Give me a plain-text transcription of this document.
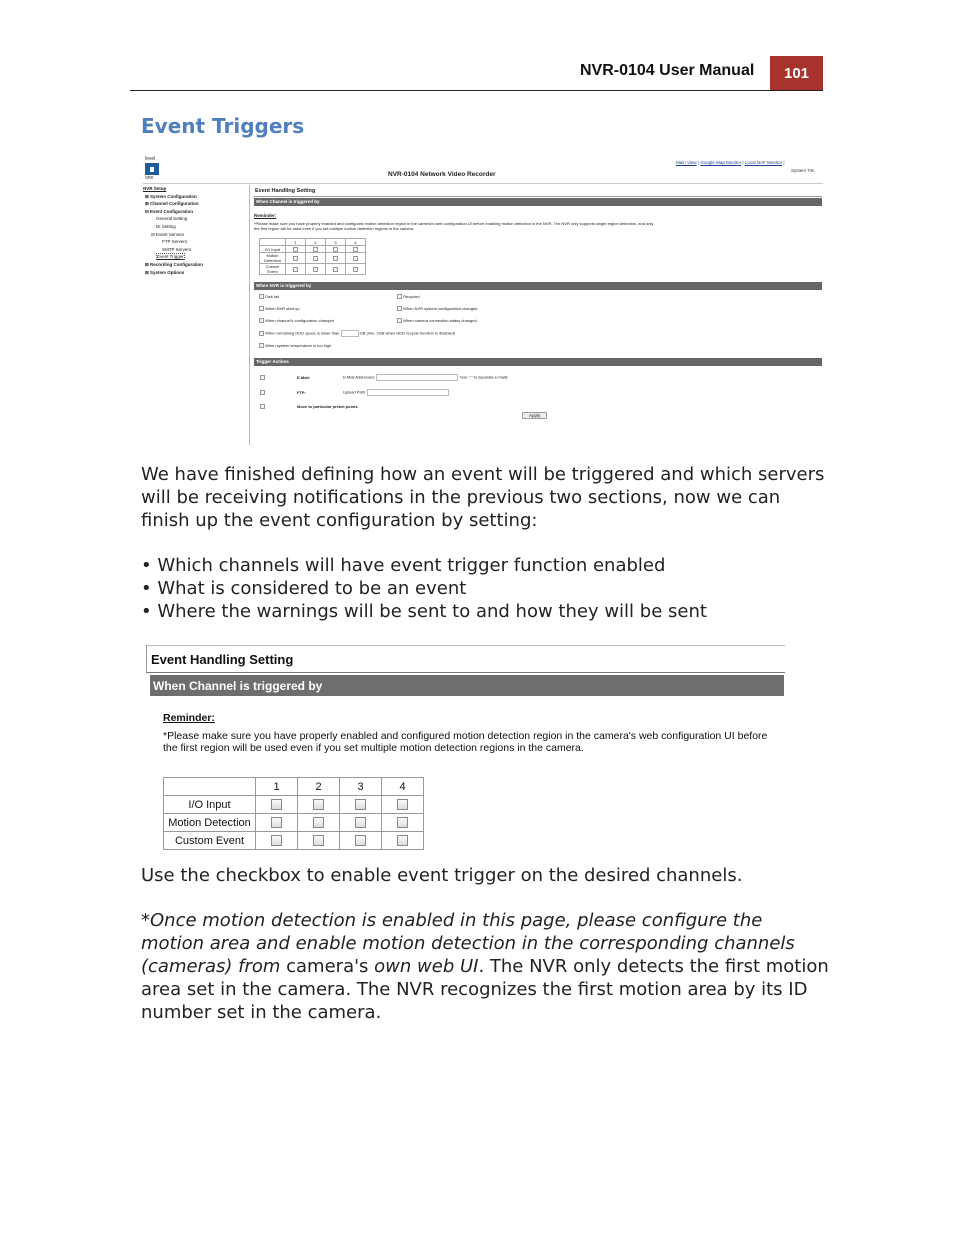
NVR-0104 User Manual	101
Event Triggers
level
one	NVR-0104 Network Video Recorder
Main View | Google Map Monitor | Local NAF Monitor |
System Tim
NVR Setup
⊞ System Configuration
⊞ Channel Configuration
⊟ Event Configuration
General Setting
DI Setting
⊟ Event Servers
FTP Servers
SMTP Servers
Event Trigger
⊞ Recording Configuration
⊞ System Options
Event Handling Setting
When Channel is triggered by
Reminder:
*Please make sure you have properly enabled and configured motion detection region in the camera's web configuration UI before enabling motion detection in the NVR. The NVR only supports single region detection, and only
the first region will be used even if you set multiple motion detection regions in the camera.
	1	2	3	4
I/O Input				
Motion Detection				
Custom Event				
When NVR is triggered by
Disk fail
When NVR start up
When channel's configuration changed
When remaining HDD space is lower than	GB (min. 2GB when HDD recycle function is disabled)
When system temperature is too high
Recycled
When NVR system configuration changed
When camera connection status changed
Trigger Actions
E-Mail:	E-Mail Addresses:	*use ";" to separate e-mails
FTP:	Upload Path:
Move to particular preset points
Apply
We have finished defining how an event will be triggered and which servers will be receiving notifications in the previous two sections, now we can finish up the event configuration by setting:
• Which channels will have event trigger function enabled
• What is considered to be an event
• Where the warnings will be sent to and how they will be sent
Event Handling Setting
When Channel is triggered by
Reminder:
*Please make sure you have properly enabled and configured motion detection region in the camera's web configuration UI before
the first region will be used even if you set multiple motion detection regions in the camera.
	1	2	3	4
I/O Input				
Motion Detection				
Custom Event				
Use the checkbox to enable event trigger on the desired channels.
*Once motion detection is enabled in this page, please configure the motion area and enable motion detection in the corresponding channels (cameras) from camera's own web UI. The NVR only detects the first motion area set in the camera. The NVR recognizes the first motion area by its ID number set in the camera.
